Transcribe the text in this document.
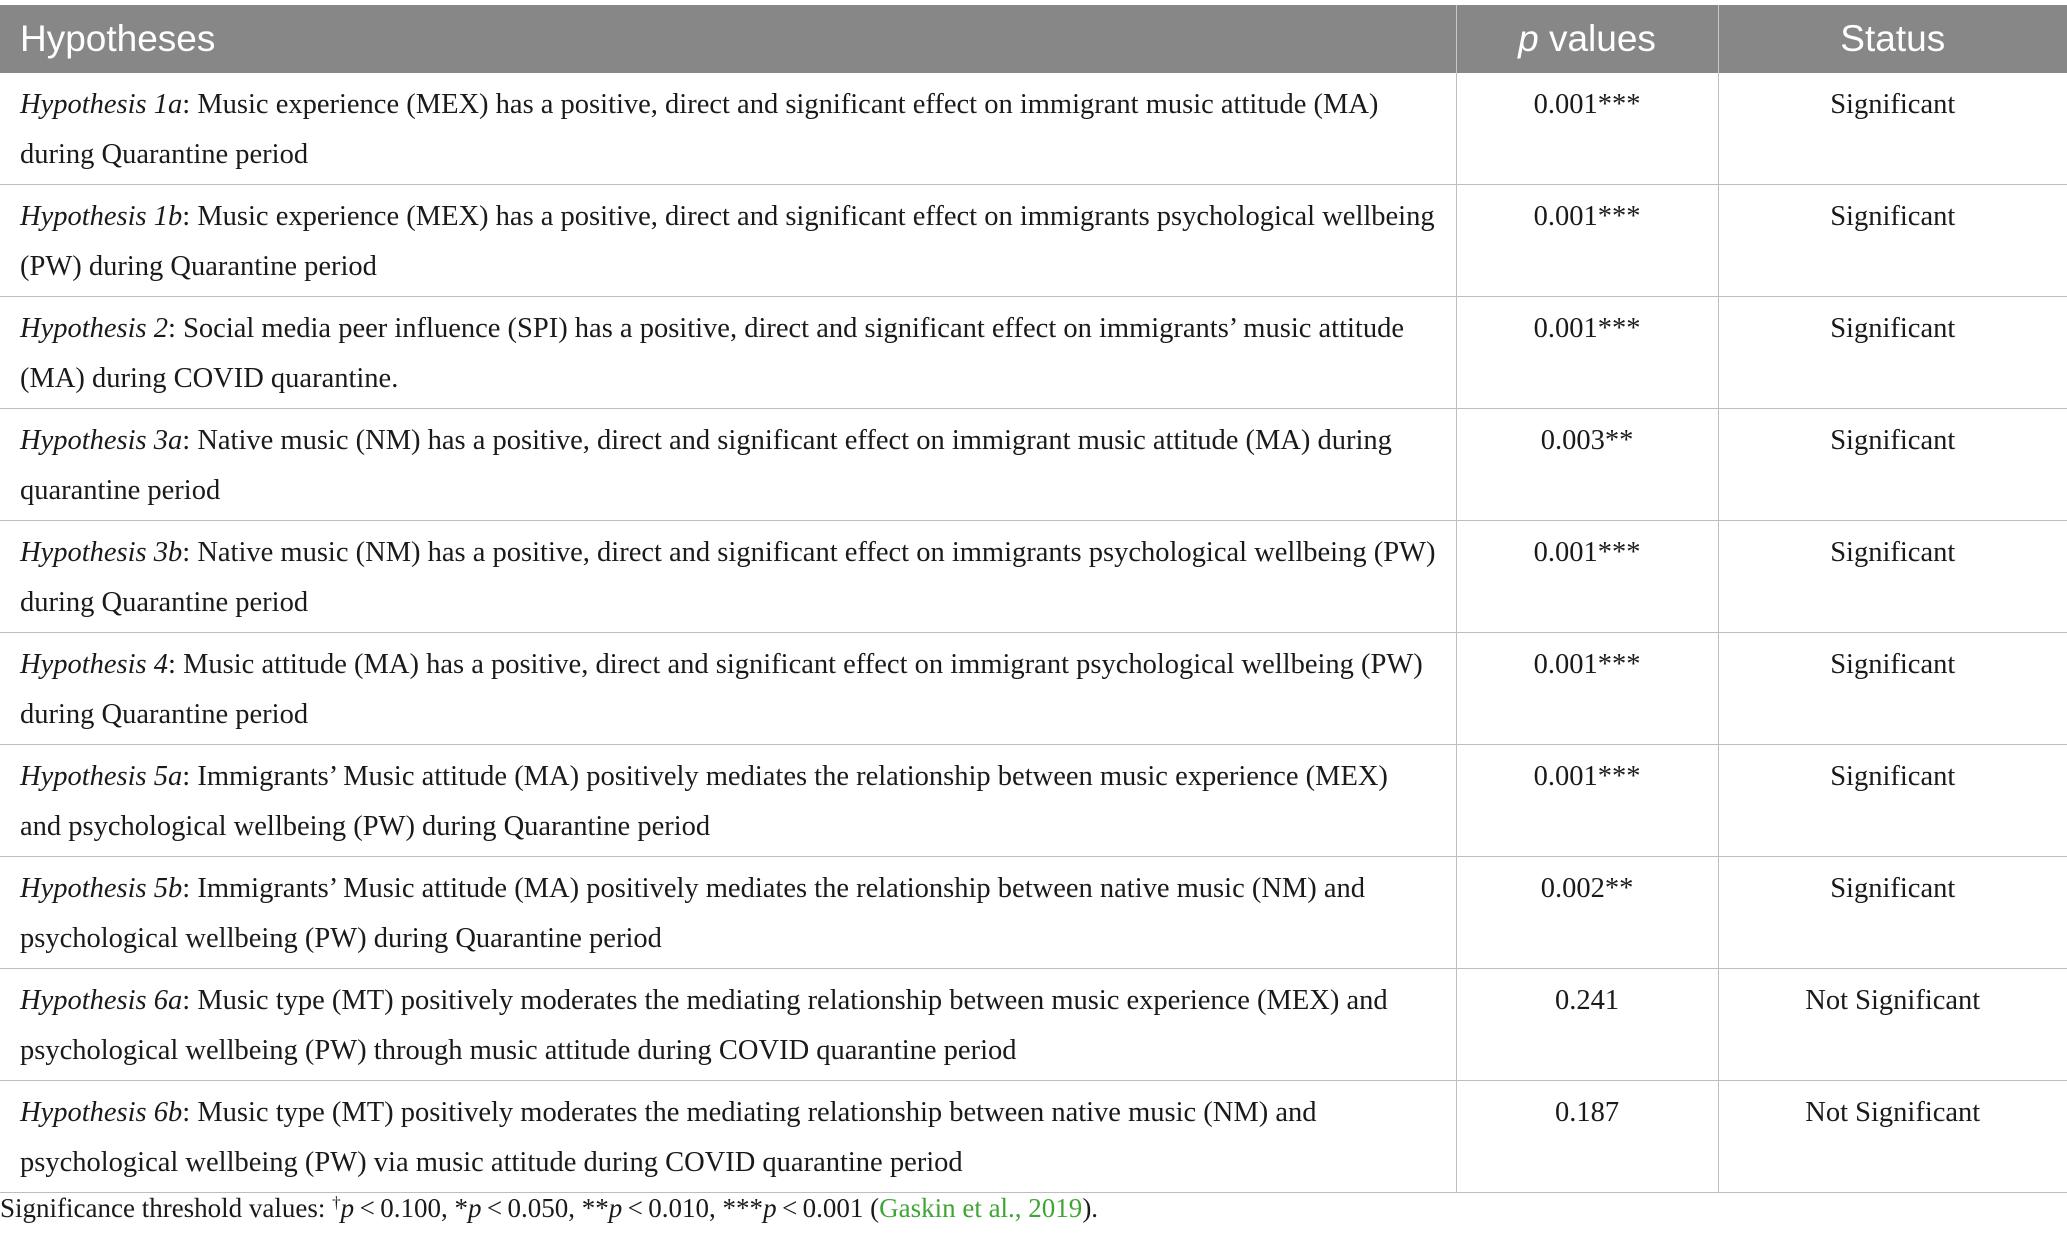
Hypotheses	p values	Status
Hypothesis 1a: Music experience (MEX) has a positive, direct and significant effect on immigrant music attitude (MA) during Quarantine period	0.001***	Significant
Hypothesis 1b: Music experience (MEX) has a positive, direct and significant effect on immigrants psychological wellbeing (PW) during Quarantine period	0.001***	Significant
Hypothesis 2: Social media peer influence (SPI) has a positive, direct and significant effect on immigrants’ music attitude (MA) during COVID quarantine.	0.001***	Significant
Hypothesis 3a: Native music (NM) has a positive, direct and significant effect on immigrant music attitude (MA) during quarantine period	0.003**	Significant
Hypothesis 3b: Native music (NM) has a positive, direct and significant effect on immigrants psychological wellbeing (PW) during Quarantine period	0.001***	Significant
Hypothesis 4: Music attitude (MA) has a positive, direct and significant effect on immigrant psychological wellbeing (PW) during Quarantine period	0.001***	Significant
Hypothesis 5a: Immigrants’ Music attitude (MA) positively mediates the relationship between music experience (MEX) and psychological wellbeing (PW) during Quarantine period	0.001***	Significant
Hypothesis 5b: Immigrants’ Music attitude (MA) positively mediates the relationship between native music (NM) and psychological wellbeing (PW) during Quarantine period	0.002**	Significant
Hypothesis 6a: Music type (MT) positively moderates the mediating relationship between music experience (MEX) and psychological wellbeing (PW) through music attitude during COVID quarantine period	0.241	Not Significant
Hypothesis 6b: Music type (MT) positively moderates the mediating relationship between native music (NM) and psychological wellbeing (PW) via music attitude during COVID quarantine period	0.187	Not Significant
Significance threshold values: †p < 0.100, *p < 0.050, **p < 0.010, ***p < 0.001 (Gaskin et al., 2019).
